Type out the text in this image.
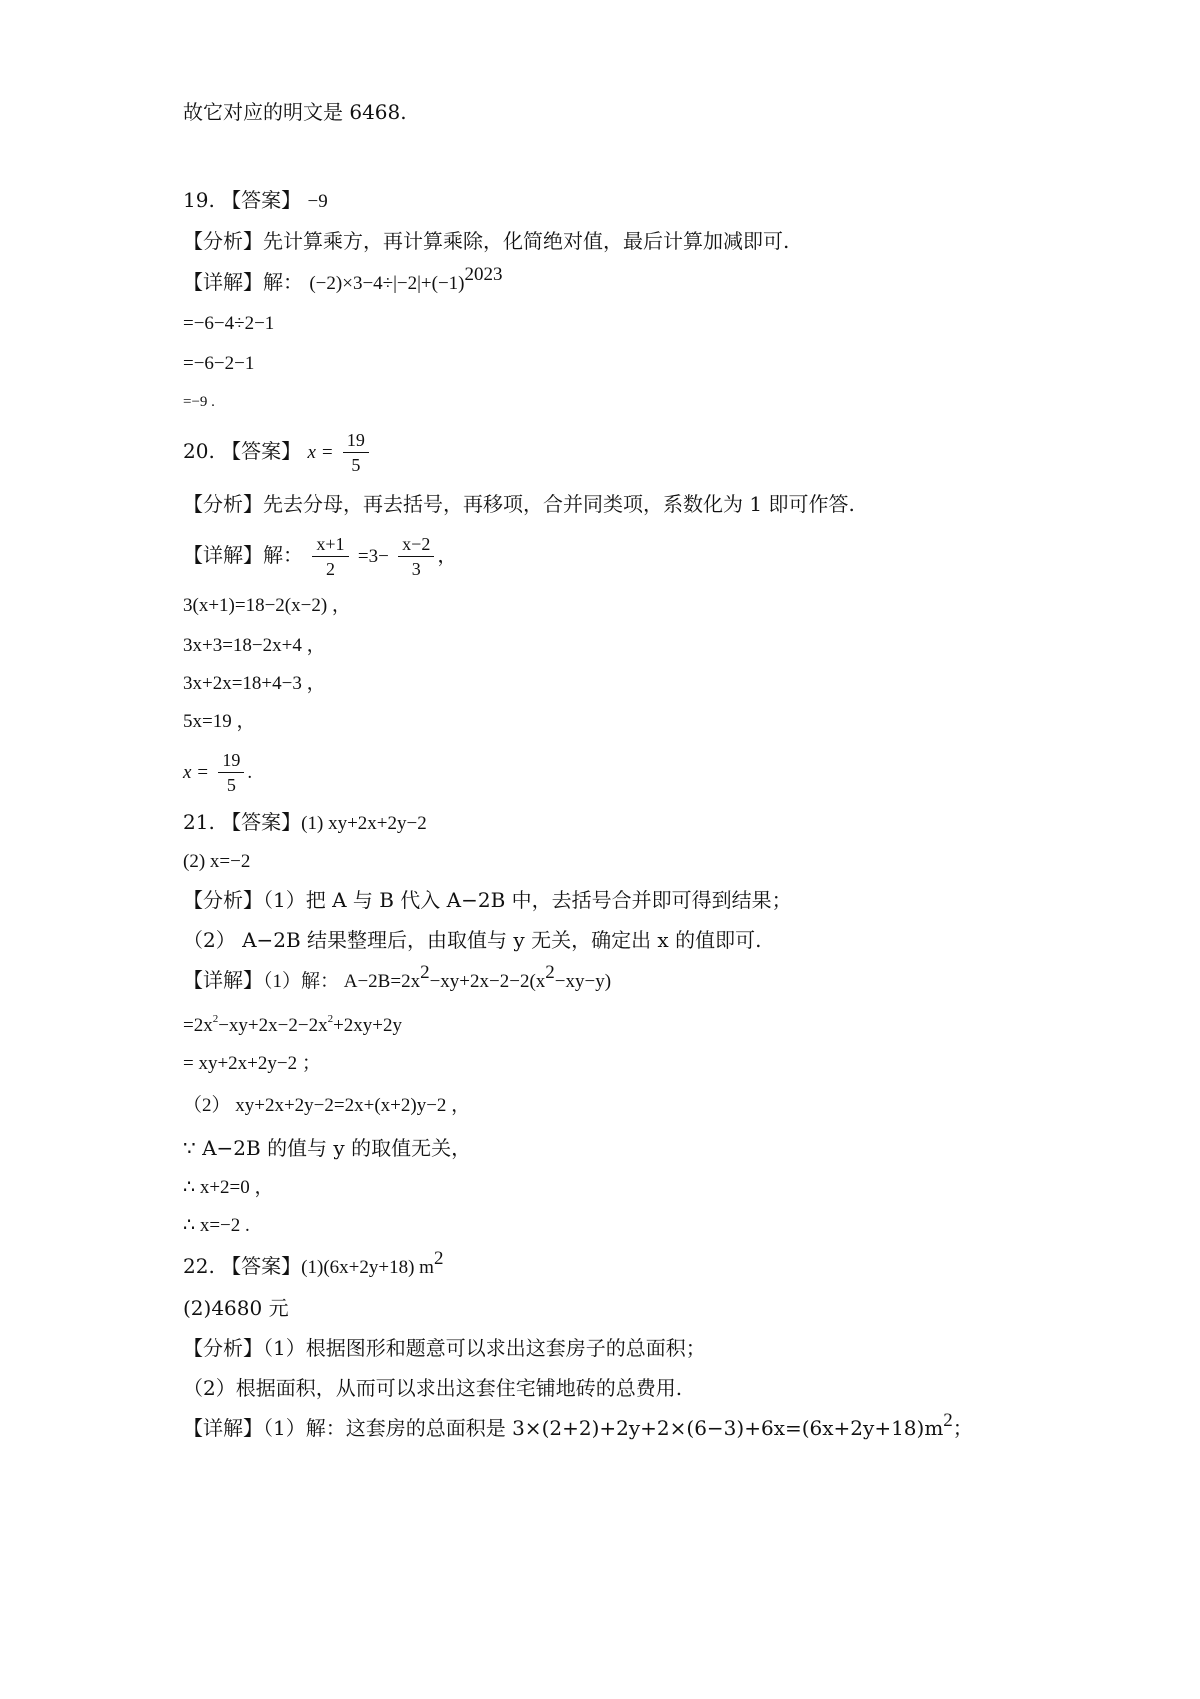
故它对应的明文是 6468.
19. 【答案】 −9
【分析】先计算乘方，再计算乘除，化简绝对值，最后计算加减即可.
【详解】解： $(-2)\times 3-4\div|-2|+(-1)^{2023}$
=−6−4÷2−1
=−6−2−1
=−9 .
20. 【答案】 $x = \frac{19}{5}$
【分析】先去分母，再去括号，再移项，合并同类项，系数化为 1 即可作答.
【详解】解： $\frac{x+1}{2} =3- \frac{x-2}{3}$ ，
3(x+1)=18−2(x−2) ，
3x+3=18−2x+4 ，
3x+2x=18+4−3 ，
5x=19 ，
$x = \frac{19}{5}$ .
21. 【答案】(1) xy+2x+2y−2
(2) x=−2
【分析】（1）把 A 与 B 代入 A−2B 中，去括号合并即可得到结果；
（2） A−2B 结果整理后，由取值与 y 无关，确定出 x 的值即可.
【详解】（1）解： $A-2B=2x^2-xy+2x-2-2(x^2-xy-y)$
$=2x^2-xy+2x-2-2x^2+2xy+2y$
= xy+2x+2y−2 ；
（2） xy+2x+2y−2=2x+(x+2)y−2 ，
∵ A−2B 的值与 y 的取值无关，
∴ x+2=0 ，
∴ x=−2 .
22. 【答案】(1)(6x+2y+18) $m^2$
(2)4680 元
【分析】（1）根据图形和题意可以求出这套房子的总面积；
（2）根据面积，从而可以求出这套住宅铺地砖的总费用.
【详解】（1）解：这套房的总面积是 $3\times(2+2)+2y+2\times(6-3)+6x=(6x+2y+18)m^2$；
